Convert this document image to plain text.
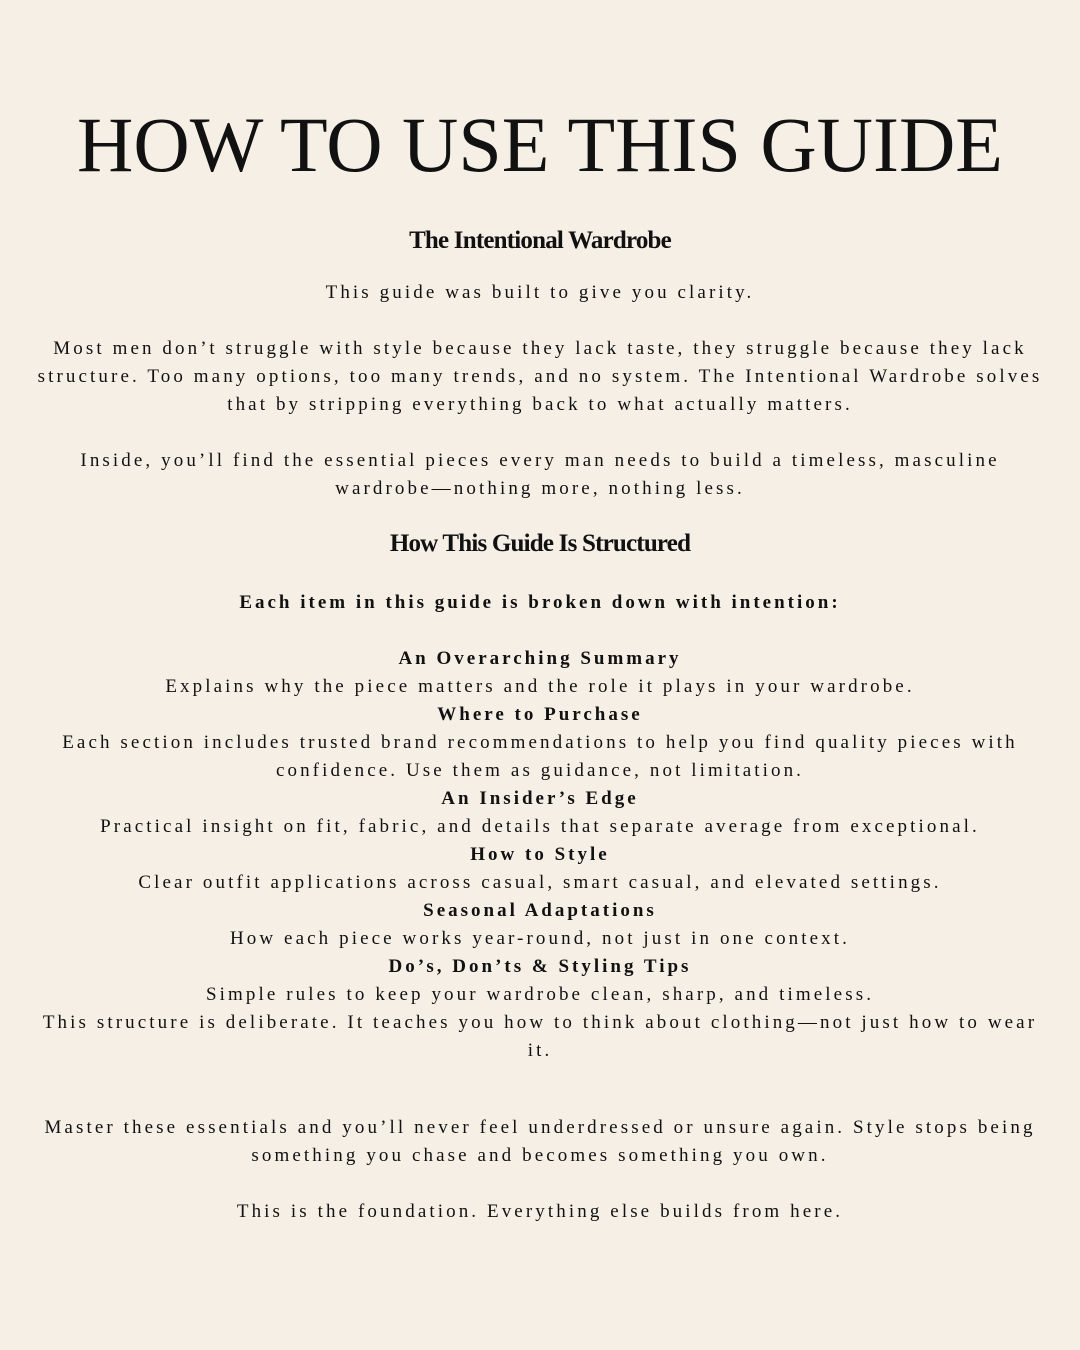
HOW TO USE THIS GUIDE
The Intentional Wardrobe

This guide was built to give you clarity.

Most men don’t struggle with style because they lack taste, they struggle because they lack structure. Too many options, too many trends, and no system. The Intentional Wardrobe solves that by stripping everything back to what actually matters.

Inside, you’ll find the essential pieces every man needs to build a timeless, masculine wardrobe—nothing more, nothing less.

How This Guide Is Structured

Each item in this guide is broken down with intention:

An Overarching Summary

Explains why the piece matters and the role it plays in your wardrobe.

Where to Purchase

Each section includes trusted brand recommendations to help you find quality pieces with confidence. Use them as guidance, not limitation.

An Insider’s Edge

Practical insight on fit, fabric, and details that separate average from exceptional.

How to Style

Clear outfit applications across casual, smart casual, and elevated settings.

Seasonal Adaptations

How each piece works year-round, not just in one context.

Do’s, Don’ts & Styling Tips

Simple rules to keep your wardrobe clean, sharp, and timeless.

This structure is deliberate. It teaches you how to think about clothing—not just how to wear it.

Master these essentials and you’ll never feel underdressed or unsure again. Style stops being something you chase and becomes something you own.

This is the foundation. Everything else builds from here.
